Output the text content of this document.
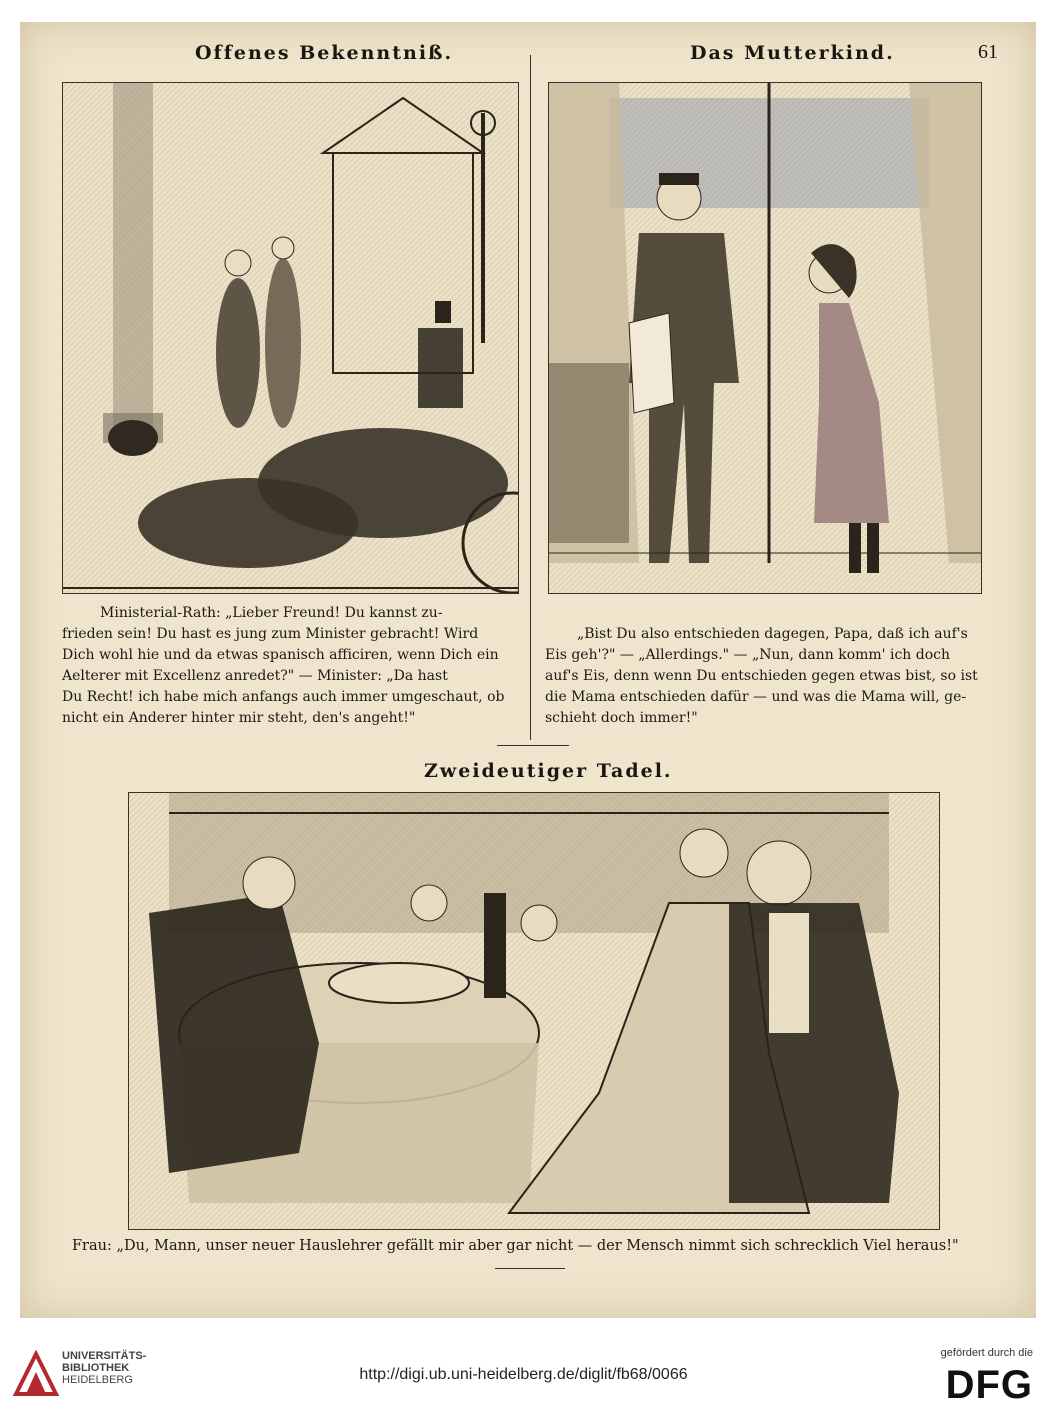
Offenes Bekenntniß.	Das Mutterkind.	61

Ministerial-Rath: „Lieber Freund! Du kannst zu-

frieden sein! Du hast es jung zum Minister gebracht! Wird

Dich wohl hie und da etwas spanisch afficiren, wenn Dich ein

Aelterer mit Excellenz anredet?" — Minister: „Da hast

Du Recht! ich habe mich anfangs auch immer umgeschaut, ob

nicht ein Anderer hinter mir steht, den's angeht!"

„Bist Du also entschieden dagegen, Papa, daß ich auf's

Eis geh'?" — „Allerdings." — „Nun, dann komm' ich doch

auf's Eis, denn wenn Du entschieden gegen etwas bist, so ist

die Mama entschieden dafür — und was die Mama will, ge-

schieht doch immer!"

Zweideutiger Tadel.
Frau: „Du, Mann, unser neuer Hauslehrer gefällt mir aber gar nicht — der Mensch nimmt sich schrecklich Viel heraus!"
UNIVERSITÄTS-
BIBLIOTHEK
HEIDELBERG	http://digi.ub.uni-heidelberg.de/diglit/fb68/0066
gefördert durch die
DFG
